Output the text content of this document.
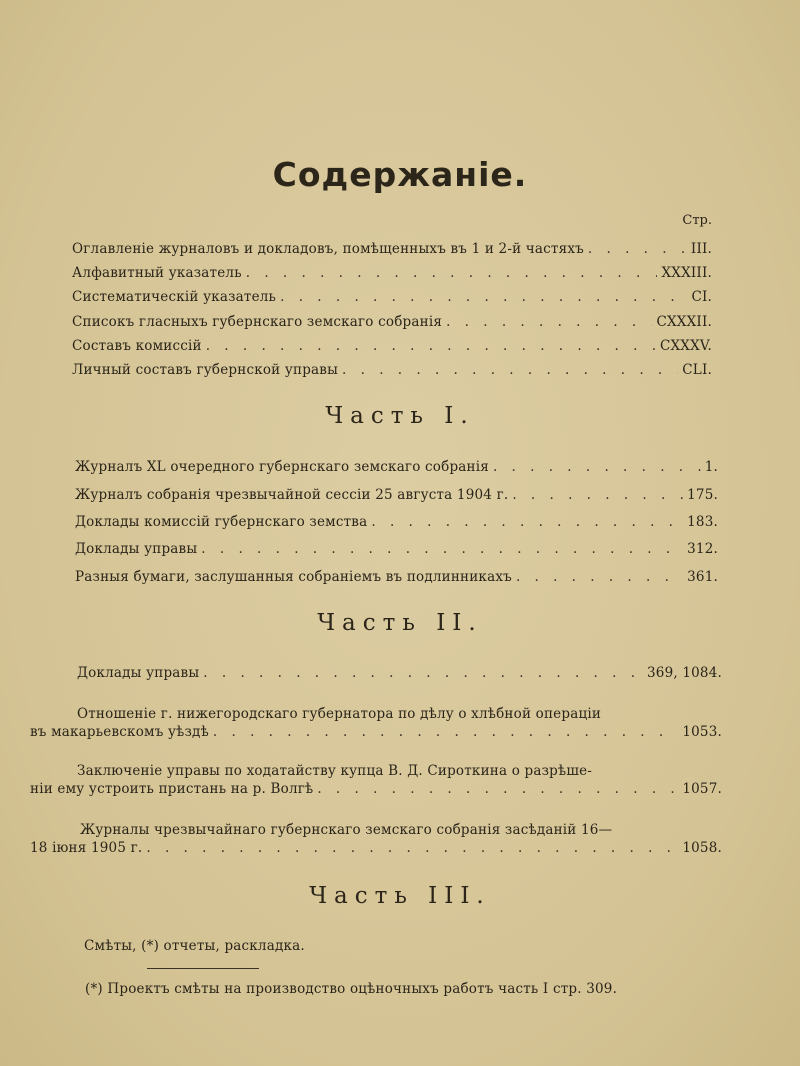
Содержаніе.
Стр.
Оглавленіе журналовъ и докладовъ, помѣщенныхъ въ 1 и 2-й частяхъ . . .	III.
Алфавитный указатель . . .	XXXIII.
Систематическій указатель . . .	CI.
Списокъ гласныхъ губернскаго земскаго собранія . . .	CXXXII.
Составъ комиссій . . .	CXXXV.
Личный составъ губернской управы . . .	CLI.
Часть I.
Журналъ XL очередного губернскаго земскаго собранія . . .	1.
Журналъ собранія чрезвычайной сессіи 25 августа 1904 г. . . .	175.
Доклады комиссій губернскаго земства . . .	183.
Доклады управы . . .	312.
Разныя бумаги, заслушанныя собраніемъ въ подлинникахъ . . .	361.
Часть II.
Доклады управы . . .	369, 1084.
Отношеніе г. нижегородскаго губернатора по дѣлу о хлѣбной операціи
въ макарьевскомъ уѣздѣ . . .	1053.
Заключеніе управы по ходатайству купца В. Д. Сироткина о разрѣше-
ніи ему устроить пристань на р. Волгѣ . . .	1057.
Журналы чрезвычайнаго губернскаго земскаго собранія засѣданій 16—
18 іюня 1905 г. . . .	1058.
Часть III.
Смѣты, (*) отчеты, раскладка.
(*) Проектъ смѣты на производство оцѣночныхъ работъ часть I стр. 309.
